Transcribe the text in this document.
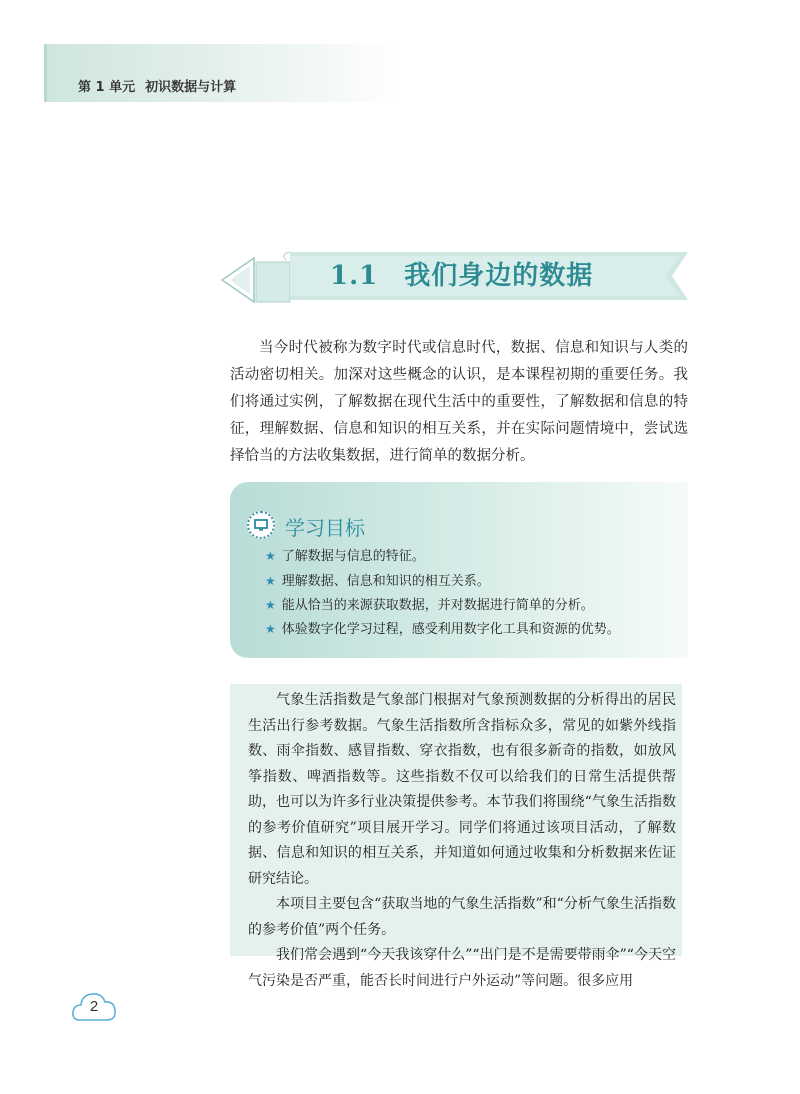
第 1 单元 初识数据与计算
1.1 我们身边的数据
当今时代被称为数字时代或信息时代，数据、信息和知识与人类的活动密切相关。加深对这些概念的认识，是本课程初期的重要任务。我们将通过实例，了解数据在现代生活中的重要性，了解数据和信息的特征，理解数据、信息和知识的相互关系，并在实际问题情境中，尝试选择恰当的方法收集数据，进行简单的数据分析。
学习目标
★ 了解数据与信息的特征。
★ 理解数据、信息和知识的相互关系。
★ 能从恰当的来源获取数据，并对数据进行简单的分析。
★ 体验数字化学习过程，感受利用数字化工具和资源的优势。

气象生活指数是气象部门根据对气象预测数据的分析得出的居民生活出行参考数据。气象生活指数所含指标众多，常见的如紫外线指数、雨伞指数、感冒指数、穿衣指数，也有很多新奇的指数，如放风筝指数、啤酒指数等。这些指数不仅可以给我们的日常生活提供帮助，也可以为许多行业决策提供参考。本节我们将围绕“气象生活指数的参考价值研究”项目展开学习。同学们将通过该项目活动，了解数据、信息和知识的相互关系，并知道如何通过收集和分析数据来佐证研究结论。

本项目主要包含“获取当地的气象生活指数”和“分析气象生活指数的参考价值”两个任务。

我们常会遇到“今天我该穿什么”“出门是不是需要带雨伞”“今天空气污染是否严重，能否长时间进行户外运动”等问题。很多应用

2
